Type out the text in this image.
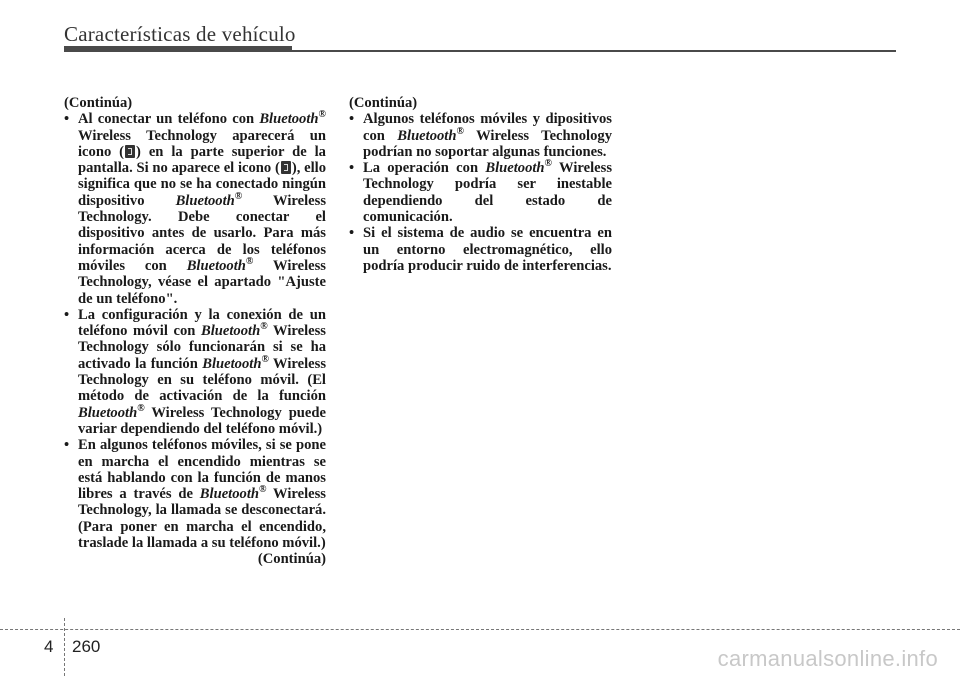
Características de vehículo

(Continúa)

• Al conectar un teléfono con Bluetooth® Wireless Technology aparecerá un icono ( ) en la parte superior de la pantalla. Si no aparece el icono ( ), ello significa que no se ha conectado ningún dispositivo Bluetooth® Wireless Technology. Debe conectar el dispositivo antes de usarlo. Para más información acerca de los teléfonos móviles con Bluetooth® Wireless Technology, véase el apartado "Ajuste de un teléfono".
• La configuración y la conexión de un teléfono móvil con Bluetooth® Wireless Technology sólo funcionarán si se ha activado la función Bluetooth® Wireless Technology en su teléfono móvil. (El método de activación de la función Bluetooth® Wireless Technology puede variar dependiendo del teléfono móvil.)
• En algunos teléfonos móviles, si se pone en marcha el encendido mientras se está hablando con la función de manos libres a través de Bluetooth® Wireless Technology, la llamada se desconectará. (Para poner en marcha el encendido, traslade la llamada a su teléfono móvil.)

(Continúa)

(Continúa)

• Algunos teléfonos móviles y dipositivos con Bluetooth® Wireless Technology podrían no soportar algunas funciones.
• La operación con Bluetooth® Wireless Technology podría ser inestable dependiendo del estado de comunicación.
• Si el sistema de audio se encuentra en un entorno electromagnético, ello podría producir ruido de interferencias.
4 260	carmanualsonline.info
